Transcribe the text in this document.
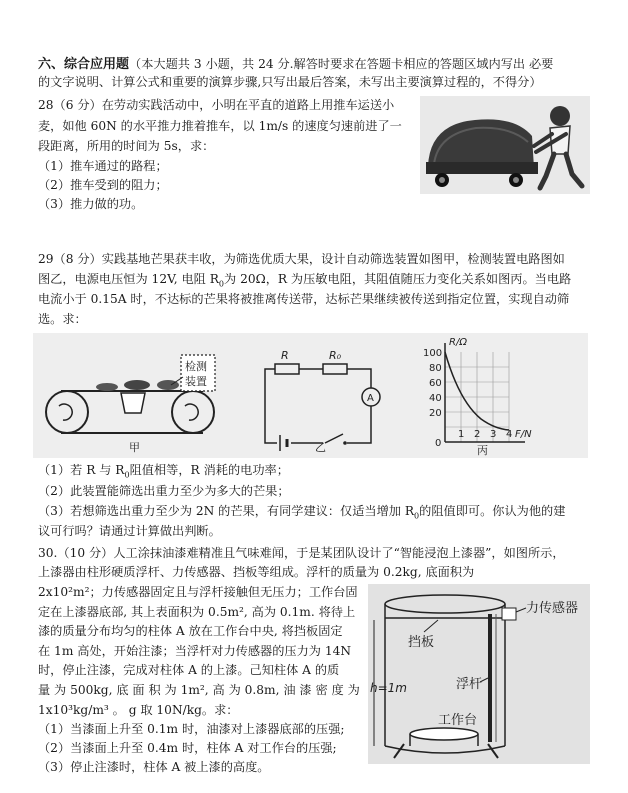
六、综合应用题（本大题共 3 小题，共 24 分.解答时要求在答题卡相应的答题区域内写出 必要
的文字说明、计算公式和重要的演算步骤,只写出最后答案，未写出主要演算过程的，不得分）
28（6 分）在劳动实践活动中，小明在平直的道路上用推车运送小
麦，如他 60N 的水平推力推着推车，以 1m/s 的速度匀速前进了一
段距离，所用的时间为 5s，求：
（1）推车通过的路程；
（2）推车受到的阻力；
（3）推力做的功。
29（8 分）实践基地芒果获丰收，为筛选优质大果，设计自动筛选装置如图甲，检测装置电路图如
图乙，电源电压恒为 12V, 电阻 $R_0$为 20Ω，R 为压敏电阻，其阻值随压力变化关系如图丙。当电路
电流小于 0.15A 时，不达标的芒果将被推离传送带，达标芒果继续被传送到指定位置，实现自动筛
选。求：
检测
装置
甲
R	R₀
A
乙
R/Ω
F/N
100
80
60
40
20
0
1 2 3 4
丙
（1）若 R 与 $R_0$阻值相等，R 消耗的电功率；
（2）此装置能筛选出重力至少为多大的芒果；
（3）若想筛选出重力至少为 2N 的芒果，有同学建议：仅适当增加 $R_0$的阻值即可。你认为他的建
议可行吗？请通过计算做出判断。
30.（10 分）人工涂抹油漆难精准且气味难闻，于是某团队设计了“智能浸泡上漆器”，如图所示，
上漆器由柱形硬质浮杆、力传感器、挡板等组成。浮杆的质量为 0.2kg, 底面积为
2x10²m²；力传感器固定且与浮杆接触但无压力；工作台固
定在上漆器底部, 其上表面积为 0.5m², 高为 0.1m. 将待上
漆的质量分布均匀的柱体 A 放在工作台中央, 将挡板固定
在 1m 高处，开始注漆；当浮杆对力传感器的压力为 14N
时，停止注漆，完成对柱体 A 的上漆。己知柱体 A 的质
量 为 500kg, 底 面 积 为 1m², 高 为 0.8m, 油 漆 密 度 为
1x10³kg/m³ 。 g 取 10N/kg。求：
（1）当漆面上升至 0.1m 时，油漆对上漆器底部的压强;
（2）当漆面上升至 0.4m 时，柱体 A 对工作台的压强;
（3）停止注漆时，柱体 A 被上漆的高度。
力传感器
挡板
h=1m	浮杆
工作台
